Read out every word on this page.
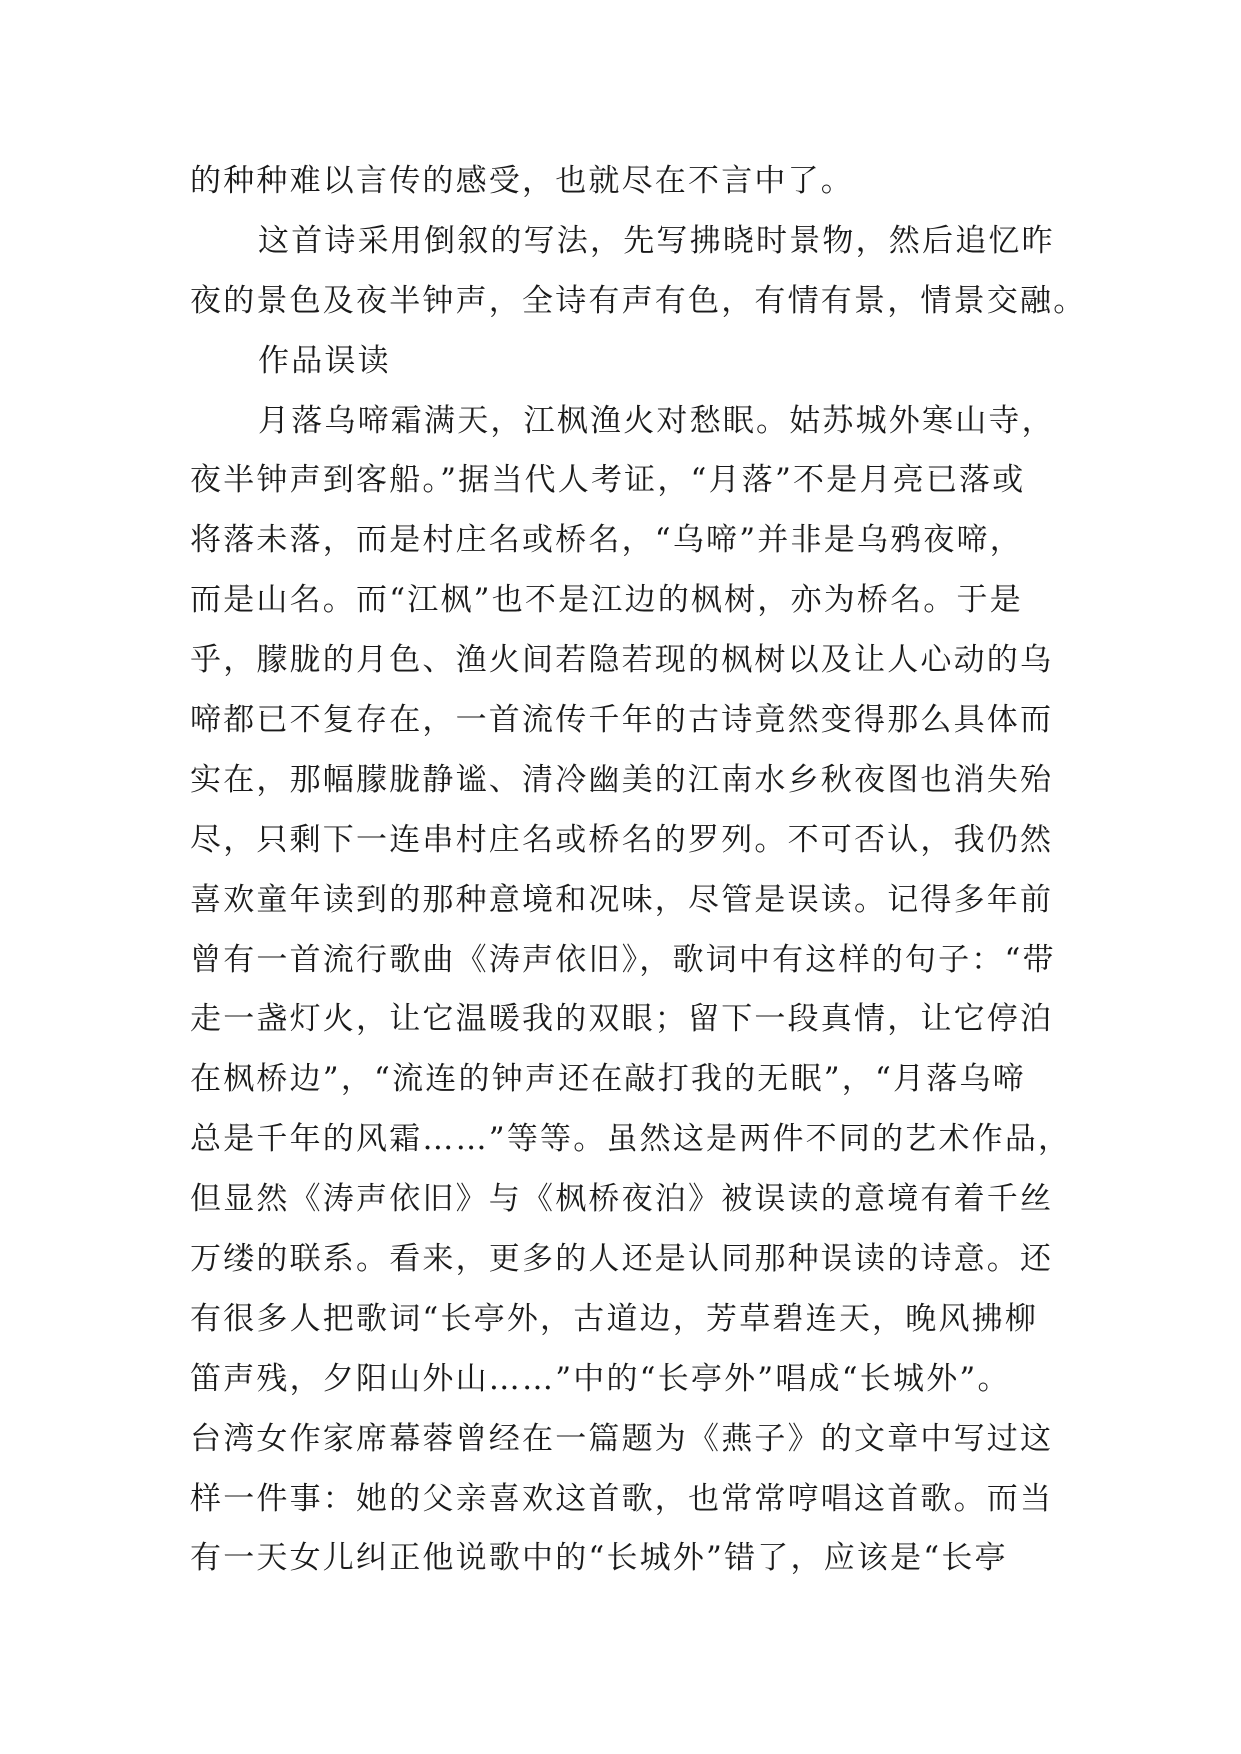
的种种难以言传的感受，也就尽在不言中了。
这首诗采用倒叙的写法，先写拂晓时景物，然后追忆昨
夜的景色及夜半钟声，全诗有声有色，有情有景，情景交融。
作品误读
月落乌啼霜满天，江枫渔火对愁眠。姑苏城外寒山寺，
夜半钟声到客船。”据当代人考证，“月落”不是月亮已落或
将落未落，而是村庄名或桥名，“乌啼”并非是乌鸦夜啼，
而是山名。而“江枫”也不是江边的枫树，亦为桥名。于是
乎，朦胧的月色、渔火间若隐若现的枫树以及让人心动的乌
啼都已不复存在，一首流传千年的古诗竟然变得那么具体而
实在，那幅朦胧静谧、清冷幽美的江南水乡秋夜图也消失殆
尽，只剩下一连串村庄名或桥名的罗列。不可否认，我仍然
喜欢童年读到的那种意境和况味，尽管是误读。记得多年前
曾有一首流行歌曲《涛声依旧》，歌词中有这样的句子：“带
走一盏灯火，让它温暖我的双眼；留下一段真情，让它停泊
在枫桥边”，“流连的钟声还在敲打我的无眠”，“月落乌啼
总是千年的风霜……”等等。虽然这是两件不同的艺术作品，
但显然《涛声依旧》与《枫桥夜泊》被误读的意境有着千丝
万缕的联系。看来，更多的人还是认同那种误读的诗意。还
有很多人把歌词“长亭外，古道边，芳草碧连天，晚风拂柳
笛声残，夕阳山外山……”中的“长亭外”唱成“长城外”。
台湾女作家席幕蓉曾经在一篇题为《燕子》的文章中写过这
样一件事：她的父亲喜欢这首歌，也常常哼唱这首歌。而当
有一天女儿纠正他说歌中的“长城外”错了，应该是“长亭
